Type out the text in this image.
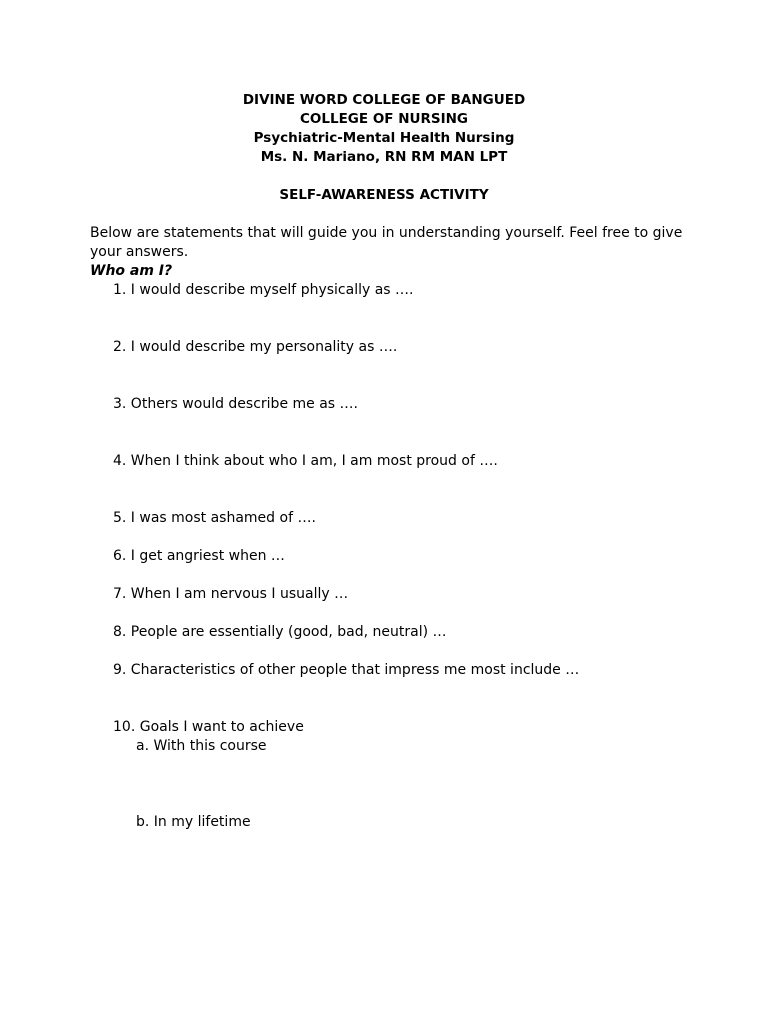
DIVINE WORD COLLEGE OF BANGUED
COLLEGE OF NURSING
Psychiatric-Mental Health Nursing
Ms. N. Mariano, RN RM MAN LPT
SELF-AWARENESS ACTIVITY
Below are statements that will guide you in understanding yourself. Feel free to give your answers.
Who am I?
1. I would describe myself physically as ….
2. I would describe my personality as ….
3. Others would describe me as ….
4. When I think about who I am, I am most proud of ….
5. I was most ashamed of ….
6. I get angriest when …
7. When I am nervous I usually …
8. People are essentially (good, bad, neutral) …
9. Characteristics of other people that impress me most include …
10. Goals I want to achieve
a. With this course
b. In my lifetime
